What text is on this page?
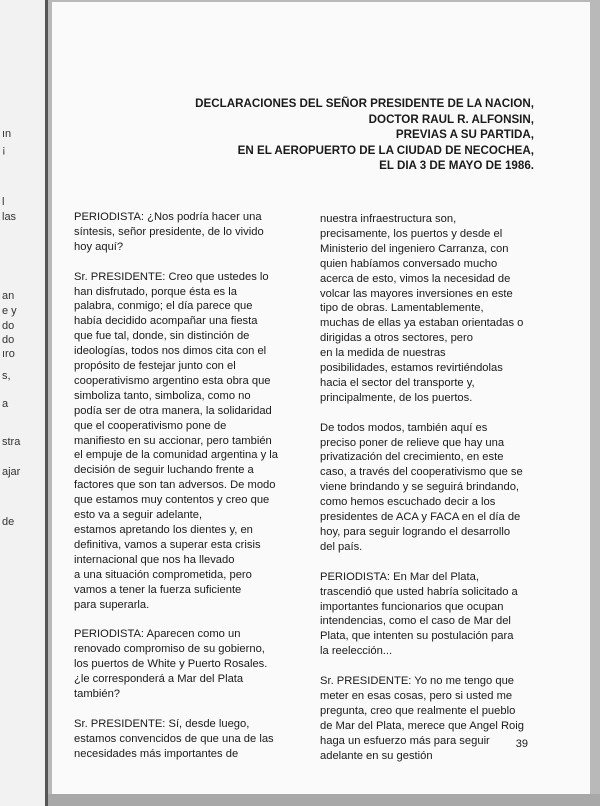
ın
¡
l
las
an
e y
do
do
ıro
s,
a
stra
ajar
de
DECLARACIONES DEL SEÑOR PRESIDENTE DE LA NACION,
DOCTOR RAUL R. ALFONSIN,
PREVIAS A SU PARTIDA,
EN EL AEROPUERTO DE LA CIUDAD DE NECOCHEA,
EL DIA 3 DE MAYO DE 1986.

PERIODISTA: ¿Nos podría hacer una
síntesis, señor presidente, de lo vivido
hoy aquí?

Sr. PRESIDENTE: Creo que ustedes lo
han disfrutado, porque ésta es la
palabra, conmigo; el día parece que
había decidido acompañar una fiesta
que fue tal, donde, sin distinción de
ideologías, todos nos dimos cita con el
propósito de festejar junto con el
cooperativismo argentino esta obra que
simboliza tanto, simboliza, como no
podía ser de otra manera, la solidaridad
que el cooperativismo pone de
manifiesto en su accionar, pero también
el empuje de la comunidad argentina y la
decisión de seguir luchando frente a
factores que son tan adversos. De modo
que estamos muy contentos y creo que
esto va a seguir adelante,
estamos apretando los dientes y, en
definitiva, vamos a superar esta crisis
internacional que nos ha llevado
a una situación comprometida, pero
vamos a tener la fuerza suficiente
para superarla.

PERIODISTA: Aparecen como un
renovado compromiso de su gobierno,
los puertos de White y Puerto Rosales.
¿le corresponderá a Mar del Plata
también?

Sr. PRESIDENTE: Sí, desde luego,
estamos convencidos de que una de las
necesidades más importantes de

nuestra infraestructura son,
precisamente, los puertos y desde el
Ministerio del ingeniero Carranza, con
quien habíamos conversado mucho
acerca de esto, vimos la necesidad de
volcar las mayores inversiones en este
tipo de obras. Lamentablemente,
muchas de ellas ya estaban orientadas o
dirigidas a otros sectores, pero
en la medida de nuestras
posibilidades, estamos revirtiéndolas
hacia el sector del transporte y,
principalmente, de los puertos.

De todos modos, también aquí es
preciso poner de relieve que hay una
privatización del crecimiento, en este
caso, a través del cooperativismo que se
viene brindando y se seguirá brindando,
como hemos escuchado decir a los
presidentes de ACA y FACA en el día de
hoy, para seguir logrando el desarrollo
del país.

PERIODISTA: En Mar del Plata,
trascendió que usted habría solicitado a
importantes funcionarios que ocupan
intendencias, como el caso de Mar del
Plata, que intenten su postulación para
la reelección...

Sr. PRESIDENTE: Yo no me tengo que
meter en esas cosas, pero si usted me
pregunta, creo que realmente el pueblo
de Mar del Plata, merece que Angel Roig
haga un esfuerzo más para seguir
adelante en su gestión

39
